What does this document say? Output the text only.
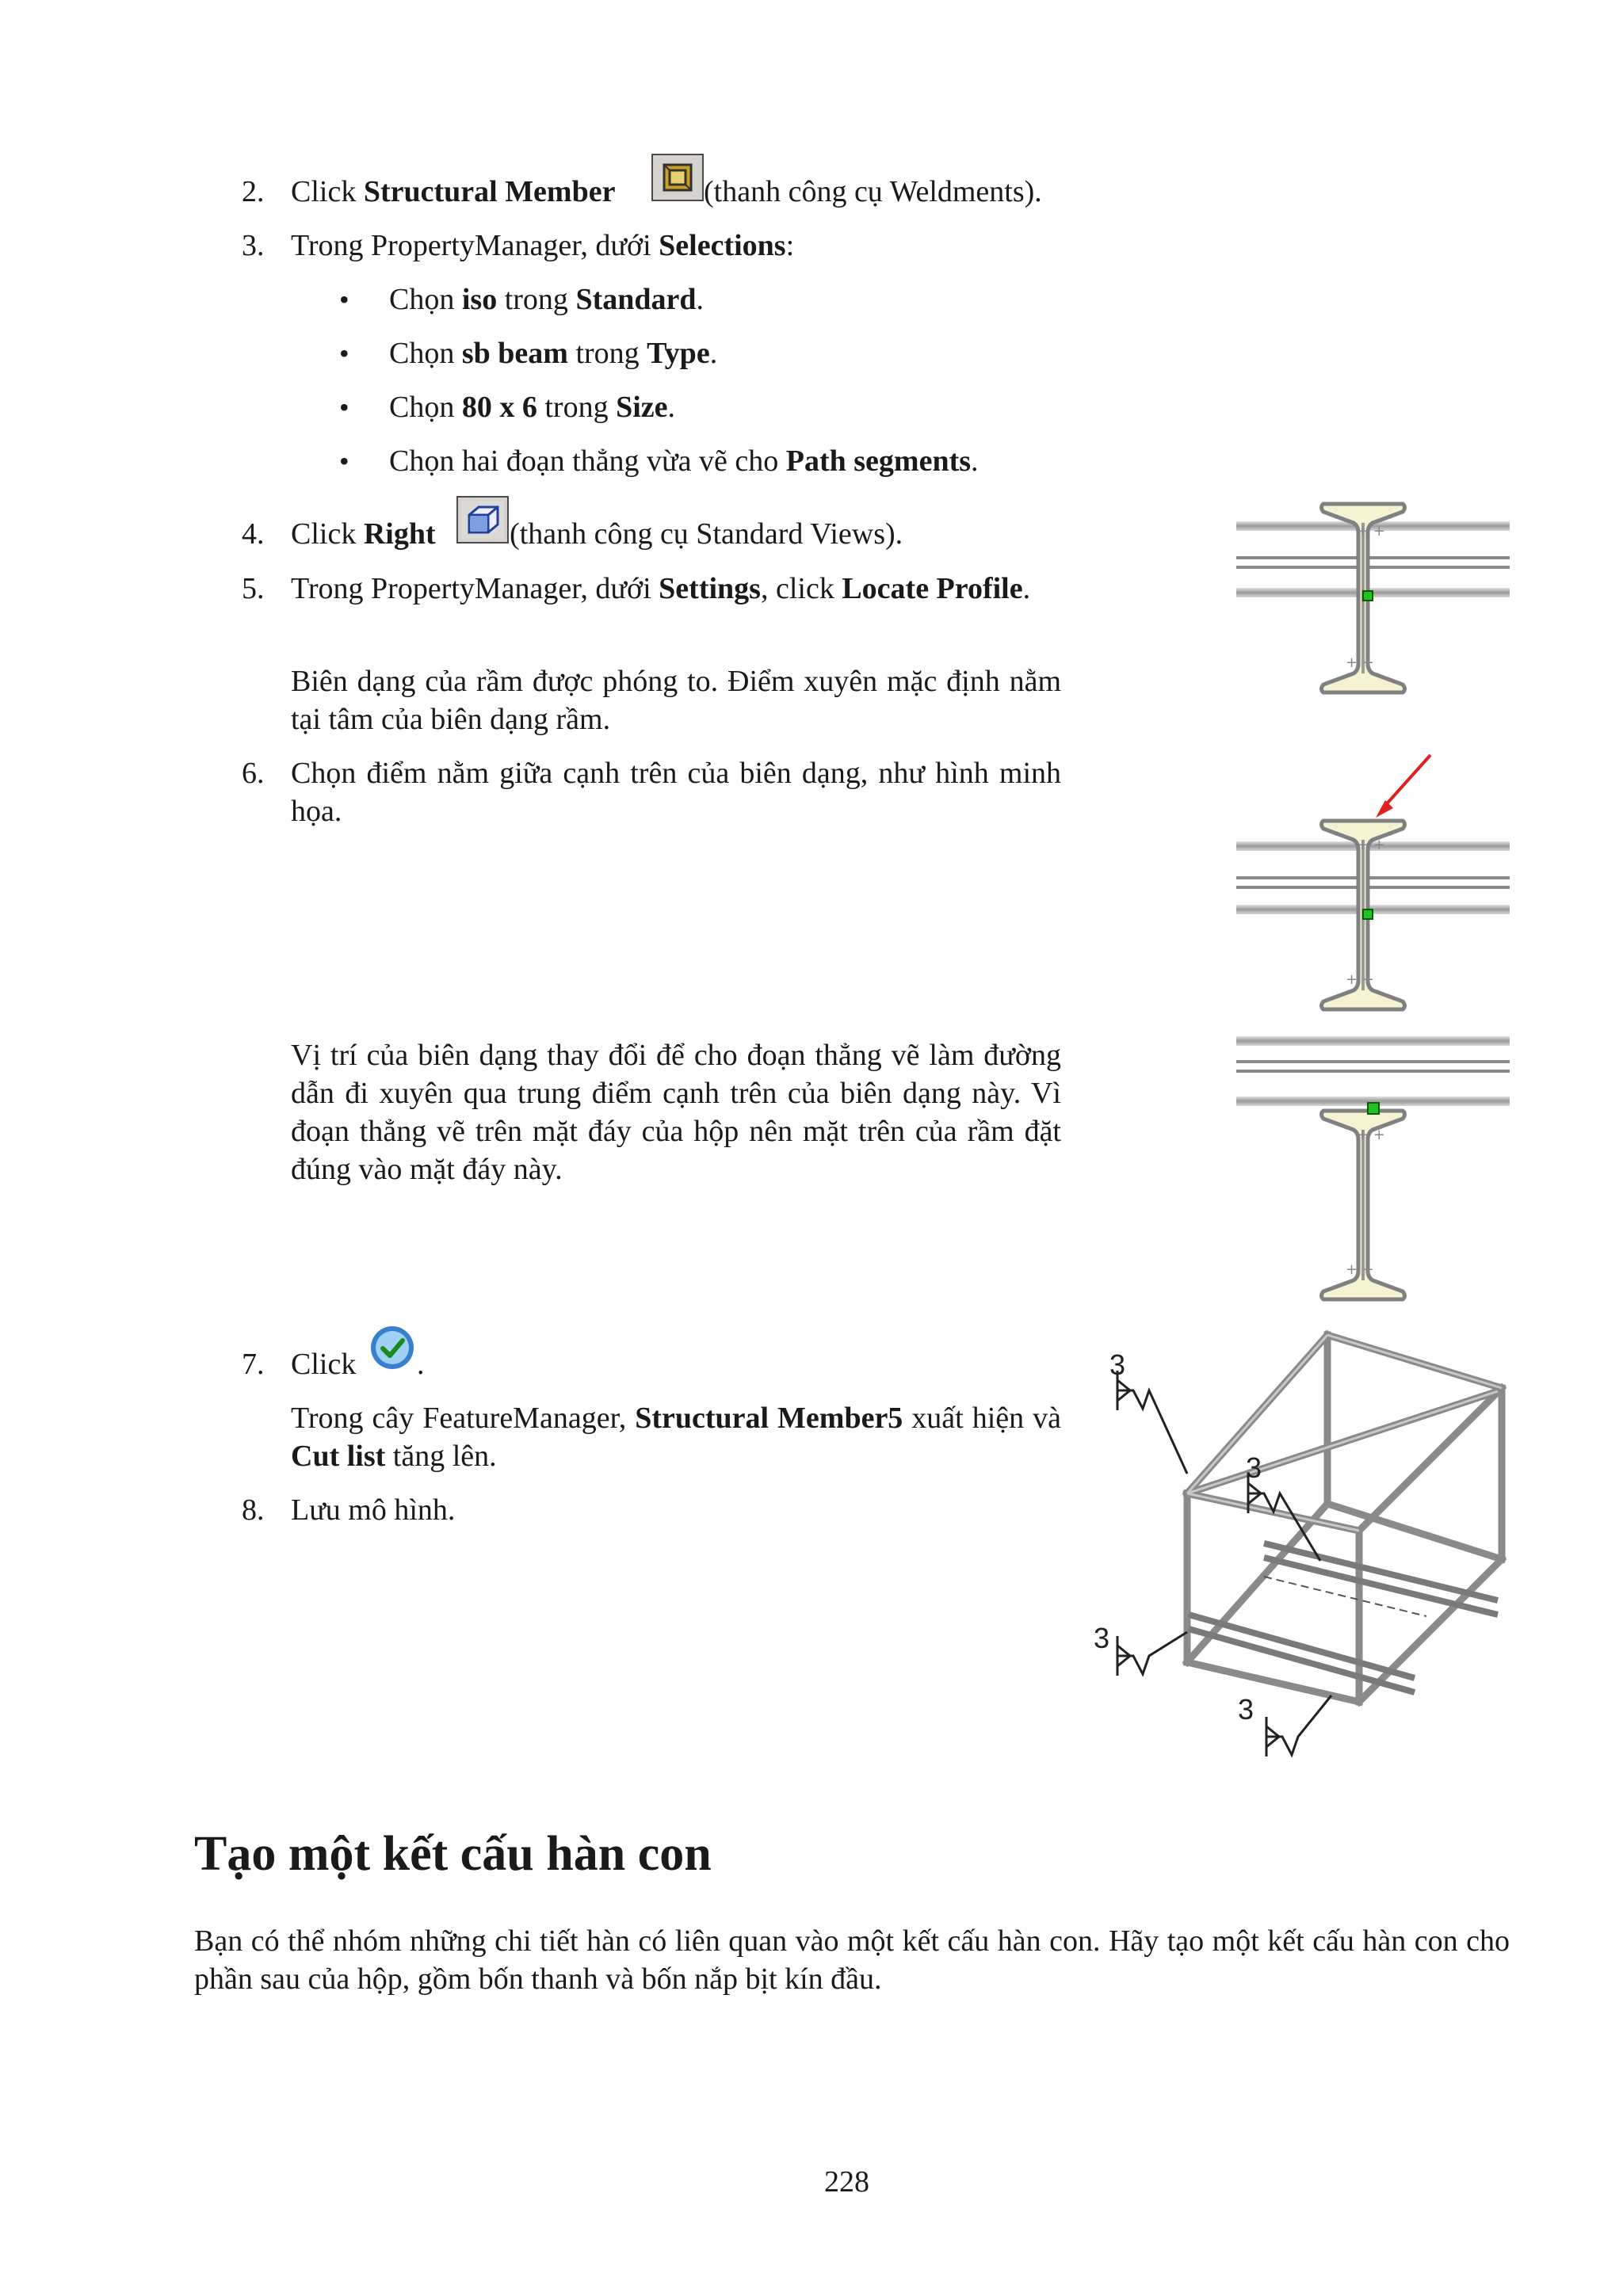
2. Click Structural Member	(thanh công cụ Weldments).
3. Trong PropertyManager, dưới Selections:
• Chọn iso trong Standard.
• Chọn sb beam trong Type.
• Chọn 80 x 6 trong Size.
• Chọn hai đoạn thẳng vừa vẽ cho Path segments.
4. Click Right (thanh công cụ Standard Views).
5. Trong PropertyManager, dưới Settings, click Locate Profile.
Biên dạng của rầm được phóng to. Điểm xuyên mặc định nằm tại tâm của biên dạng rầm.
6. Chọn điểm nằm giữa cạnh trên của biên dạng, như hình minh họa.
Vị trí của biên dạng thay đổi để cho đoạn thẳng vẽ làm đường dẫn đi xuyên qua trung điểm cạnh trên của biên dạng này. Vì đoạn thẳng vẽ trên mặt đáy của hộp nên mặt trên của rầm đặt đúng vào mặt đáy này.
7. Click .
Trong cây FeatureManager, Structural Member5 xuất hiện và Cut list tăng lên.
8. Lưu mô hình.
+ +
+ +
+ +
+ +
+ +
+ +
3
3
3
3
Tạo một kết cấu hàn con
Bạn có thể nhóm những chi tiết hàn có liên quan vào một kết cấu hàn con. Hãy tạo một kết cấu hàn con cho phần sau của hộp, gồm bốn thanh và bốn nắp bịt kín đầu.
228
